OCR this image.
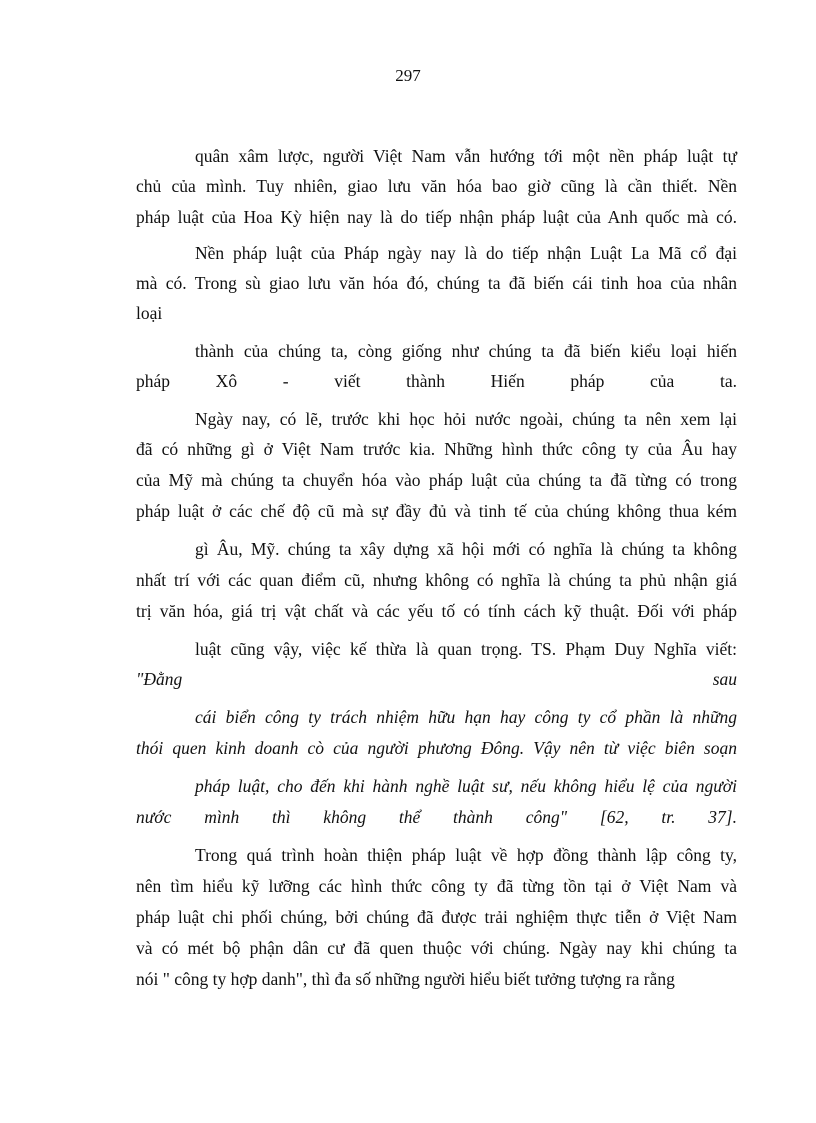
297
quân xâm lược, người Việt Nam vẫn hướng tới một nền pháp luật tự
chủ của mình. Tuy nhiên, giao lưu văn hóa bao giờ cũng là cần thiết. Nền
pháp luật của Hoa Kỳ hiện nay là do tiếp nhận pháp luật của Anh quốc mà có.
Nền pháp luật của Pháp ngày nay là do tiếp nhận Luật La Mã cổ đại
mà có. Trong sù giao lưu văn hóa đó, chúng ta đã biến cái tinh hoa của nhân
loại
thành của chúng ta, còng giống như chúng ta đã biến kiểu loại hiến
pháp Xô - viết thành Hiến pháp của ta.
Ngày nay, có lẽ, trước khi học hỏi nước ngoài, chúng ta nên xem lại
đã có những gì ở Việt Nam trước kia. Những hình thức công ty của Âu hay
của Mỹ mà chúng ta chuyển hóa vào pháp luật của chúng ta đã từng có trong
pháp luật ở các chế độ cũ mà sự đầy đủ và tinh tế của chúng không thua kém
gì Âu, Mỹ. chúng ta xây dựng xã hội mới có nghĩa là chúng ta không
nhất trí với các quan điểm cũ, nhưng không có nghĩa là chúng ta phủ nhận giá
trị văn hóa, giá trị vật chất và các yếu tố có tính cách kỹ thuật. Đối với pháp
luật cũng vậy, việc kế thừa là quan trọng. TS. Phạm Duy Nghĩa viết:
"Đằng sau
cái biển công ty trách nhiệm hữu hạn hay công ty cổ phần là những
thói quen kinh doanh cò của người phương Đông. Vậy nên từ việc biên soạn
pháp luật, cho đến khi hành nghề luật sư, nếu không hiểu lệ của người
nước mình thì không thể thành công" [62, tr. 37].
Trong quá trình hoàn thiện pháp luật về hợp đồng thành lập công ty,
nên tìm hiểu kỹ lưỡng các hình thức công ty đã từng tồn tại ở Việt Nam và
pháp luật chi phối chúng, bởi chúng đã được trải nghiệm thực tiễn ở Việt Nam
và có mét bộ phận dân cư đã quen thuộc với chúng. Ngày nay khi chúng ta
nói " công ty hợp danh", thì đa số những người hiểu biết tưởng tượng ra rằng
